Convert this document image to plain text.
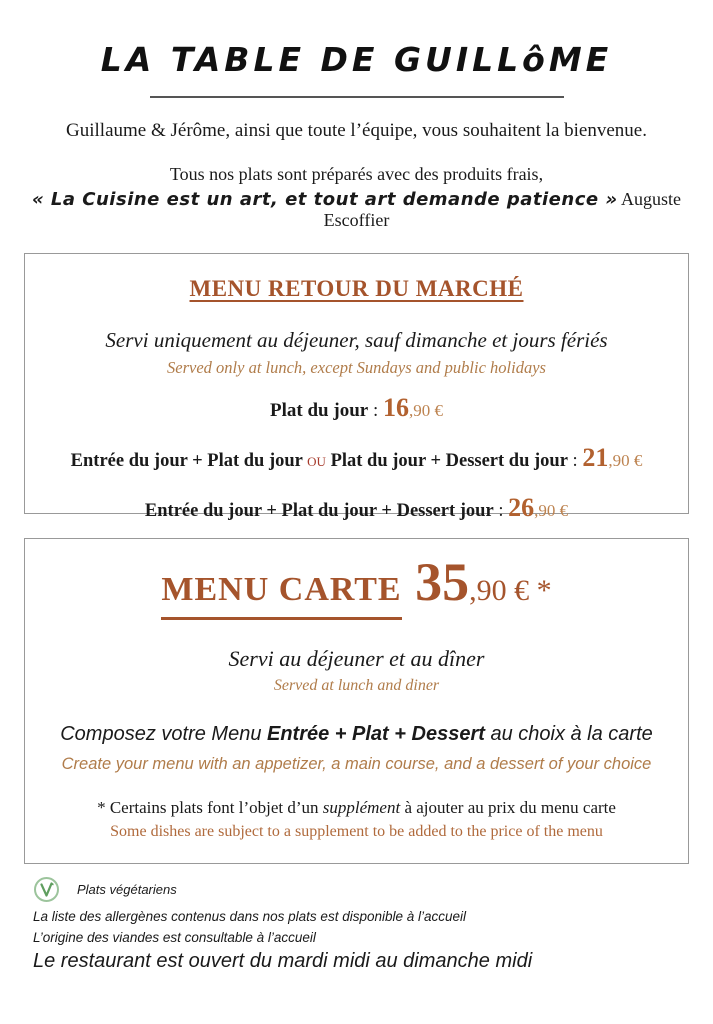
LA TABLE DE GUILLôME

Guillaume & Jérôme, ainsi que toute l’équipe, vous souhaitent la bienvenue.

Tous nos plats sont préparés avec des produits frais,

« La Cuisine est un art, et tout art demande patience » Auguste Escoffier

MENU RETOUR DU MARCHÉ

Servi uniquement au déjeuner, sauf dimanche et jours fériés

Served only at lunch, except Sundays and public holidays

Plat du jour : 16,90 €

Entrée du jour + Plat du jour ou Plat du jour + Dessert du jour : 21,90 €

Entrée du jour + Plat du jour + Dessert jour : 26,90 €

MENU CARTE 35,90 € *

Servi au déjeuner et au dîner

Served at lunch and diner

Composez votre Menu Entrée + Plat + Dessert au choix à la carte

Create your menu with an appetizer, a main course, and a dessert of your choice

* Certains plats font l’objet d’un supplément à ajouter au prix du menu carte

Some dishes are subject to a supplement to be added to the price of the menu

Plats végétariens

La liste des allergènes contenus dans nos plats est disponible à l’accueil

L’origine des viandes est consultable à l’accueil

Le restaurant est ouvert du mardi midi au dimanche midi
